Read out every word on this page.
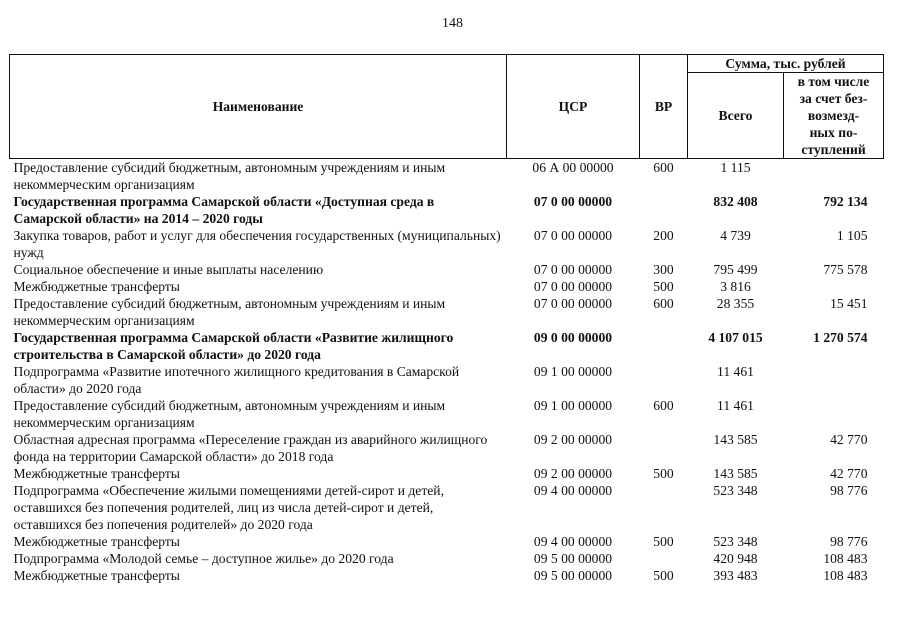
148
Наименование	ЦСР	ВР	Сумма, тыс. рублей	
			Всего	в том числе
за счет без-
возмезд-
ных по-
ступлений

Предоставление субсидий бюджетным, автономным учреждениям и иным некоммерческим организациям	06 А 00 00000	600	1 115	
Государственная программа Самарской области «Доступная среда в Самарской области» на 2014 – 2020 годы	07 0 00 00000		832 408	792 134
Закупка товаров, работ и услуг для обеспечения государственных (муниципальных) нужд	07 0 00 00000	200	4 739	1 105
Социальное обеспечение и иные выплаты населению	07 0 00 00000	300	795 499	775 578
Межбюджетные трансферты	07 0 00 00000	500	3 816	
Предоставление субсидий бюджетным, автономным учреждениям и иным некоммерческим организациям	07 0 00 00000	600	28 355	15 451
Государственная программа Самарской области «Развитие жилищного строительства в Самарской области» до 2020 года	09 0 00 00000		4 107 015	1 270 574
Подпрограмма «Развитие ипотечного жилищного кредитования в Самарской области» до 2020 года	09 1 00 00000		11 461	
Предоставление субсидий бюджетным, автономным учреждениям и иным некоммерческим организациям	09 1 00 00000	600	11 461	
Областная адресная программа «Переселение граждан из аварийного жилищного фонда на территории Самарской области» до 2018 года	09 2 00 00000		143 585	42 770
Межбюджетные трансферты	09 2 00 00000	500	143 585	42 770
Подпрограмма «Обеспечение жилыми помещениями детей-сирот и детей, оставшихся без попечения родителей, лиц из числа детей-сирот и детей, оставшихся без попечения родителей» до 2020 года	09 4 00 00000		523 348	98 776
Межбюджетные трансферты	09 4 00 00000	500	523 348	98 776
Подпрограмма «Молодой семье – доступное жилье» до 2020 года	09 5 00 00000		420 948	108 483
Межбюджетные трансферты	09 5 00 00000	500	393 483	108 483
